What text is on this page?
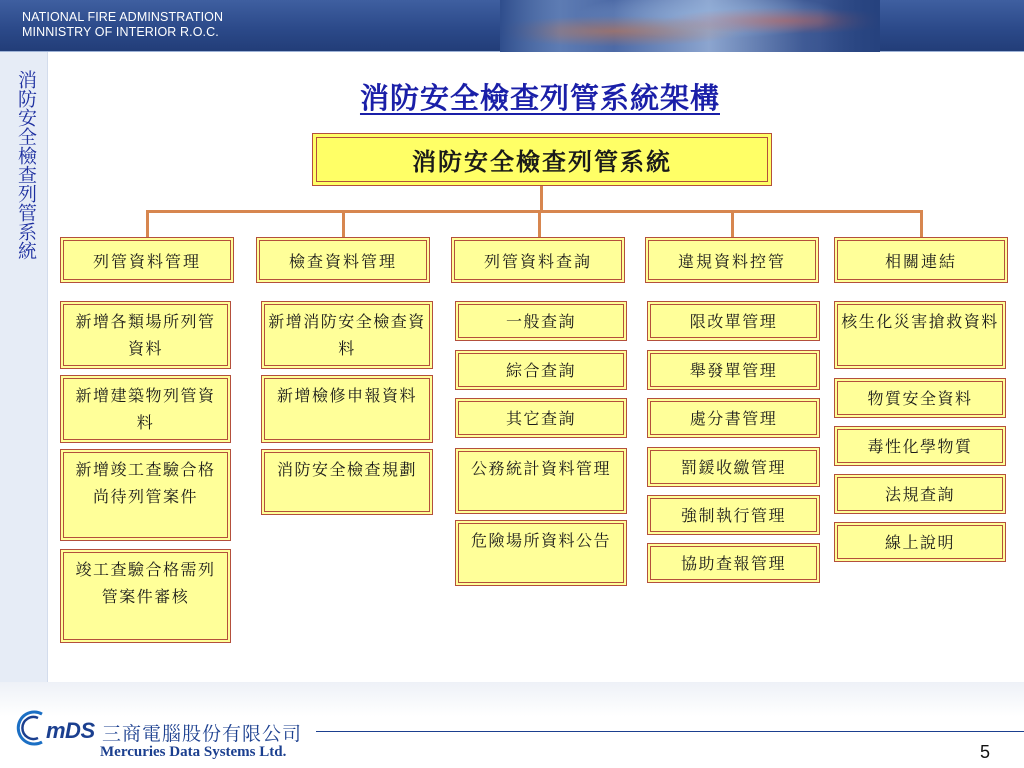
NATIONAL FIRE ADMINSTRATION
MINNISTRY OF INTERIOR R.O.C.
消防安全檢查列管系統	消防安全檢查列管系統架構
消防安全檢查列管系統
列管資料管理	檢查資料管理	列管資料查詢	違規資料控管	相關連結
新增各類場所列管資料
新增建築物列管資料
新增竣工查驗合格尚待列管案件
竣工查驗合格需列管案件審核
新增消防安全檢查資料
新增檢修申報資料
消防安全檢查規劃
一般查詢
綜合查詢
其它查詢
公務統計資料管理
危險場所資料公告
限改單管理
舉發單管理
處分書管理
罰鍰收繳管理
強制執行管理
協助查報管理
核生化災害搶救資料
物質安全資料
毒性化學物質
法規查詢
線上說明
mDS 三商電腦股份有限公司
Mercuries Data Systems Ltd.	5
